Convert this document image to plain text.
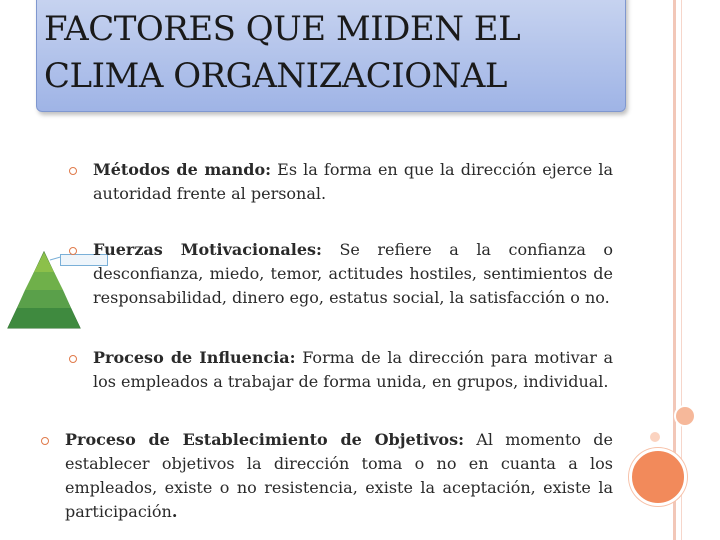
FACTORES QUE MIDEN EL
CLIMA ORGANIZACIONAL
Métodos de mando: Es la forma en que la dirección ejerce la autoridad frente al personal.
Fuerzas Motivacionales: Se refiere a la confianza o desconfianza, miedo, temor, actitudes hostiles, sentimientos de responsabilidad, dinero ego, estatus social, la satisfacción o no.
Proceso de Influencia: Forma de la dirección para motivar a los empleados a trabajar de forma unida, en grupos, individual.
Proceso de Establecimiento de Objetivos: Al momento de establecer objetivos la dirección toma o no en cuanta a los empleados, existe o no resistencia, existe la aceptación, existe la participación.
